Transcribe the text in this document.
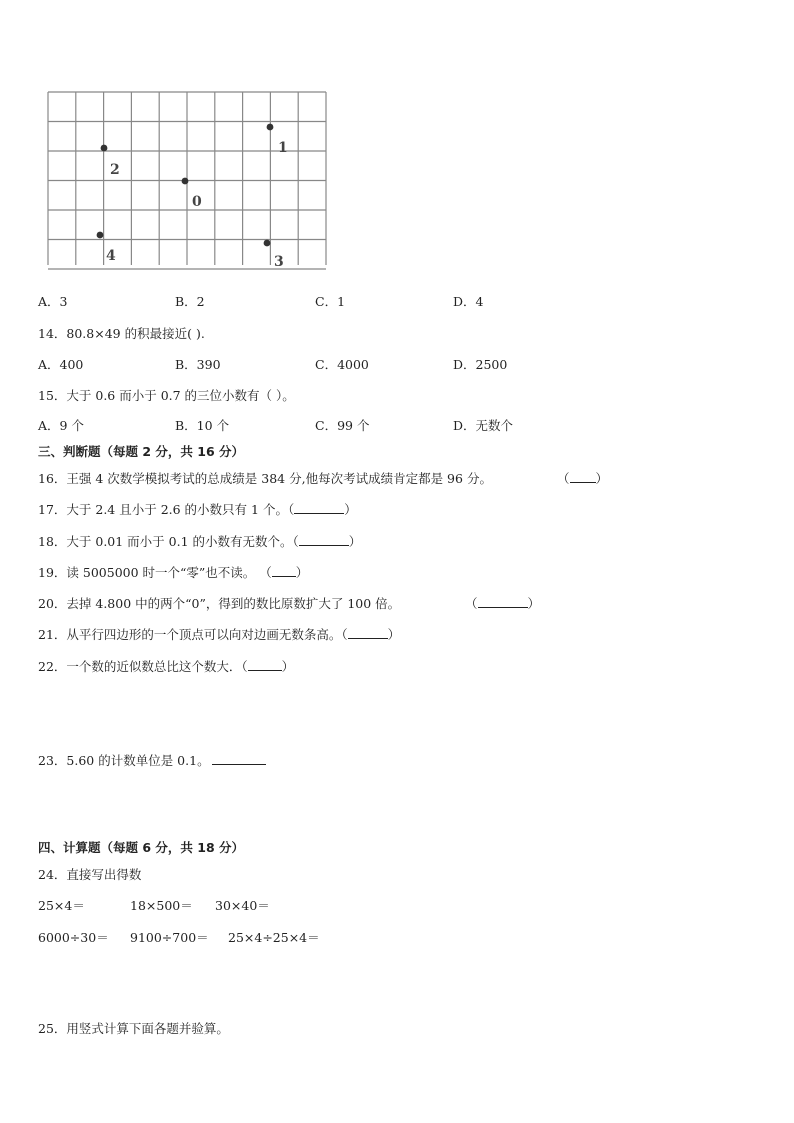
1
2
0
4	3
A．3	B．2	C．1	D．4
14．80.8×49 的积最接近( ).
A．400	B．390	C．4000	D．2500
15．大于 0.6 而小于 0.7 的三位小数有（ ）。
A．9 个	B．10 个	C．99 个	D．无数个
三、判断题（每题 2 分，共 16 分）
16．王强 4 次数学模拟考试的总成绩是 384 分,他每次考试成绩肯定都是 96 分。	（ ）
17．大于 2.4 且小于 2.6 的小数只有 1 个。（	）
18．大于 0.01 而小于 0.1 的小数有无数个。（	）
19．读 5005000 时一个“零”也不读。 （ ）
20．去掉 4.800 中的两个“0”，得到的数比原数扩大了 100 倍。	（	）
21．从平行四边形的一个顶点可以向对边画无数条高。（	）
22．一个数的近似数总比这个数大．（	）
23．5.60 的计数单位是 0.1。
四、计算题（每题 6 分，共 18 分）
24．直接写出得数
25×4＝	18×500＝ 30×40＝
6000÷30＝ 9100÷700＝ 25×4÷25×4＝
25．用竖式计算下面各题并验算。
